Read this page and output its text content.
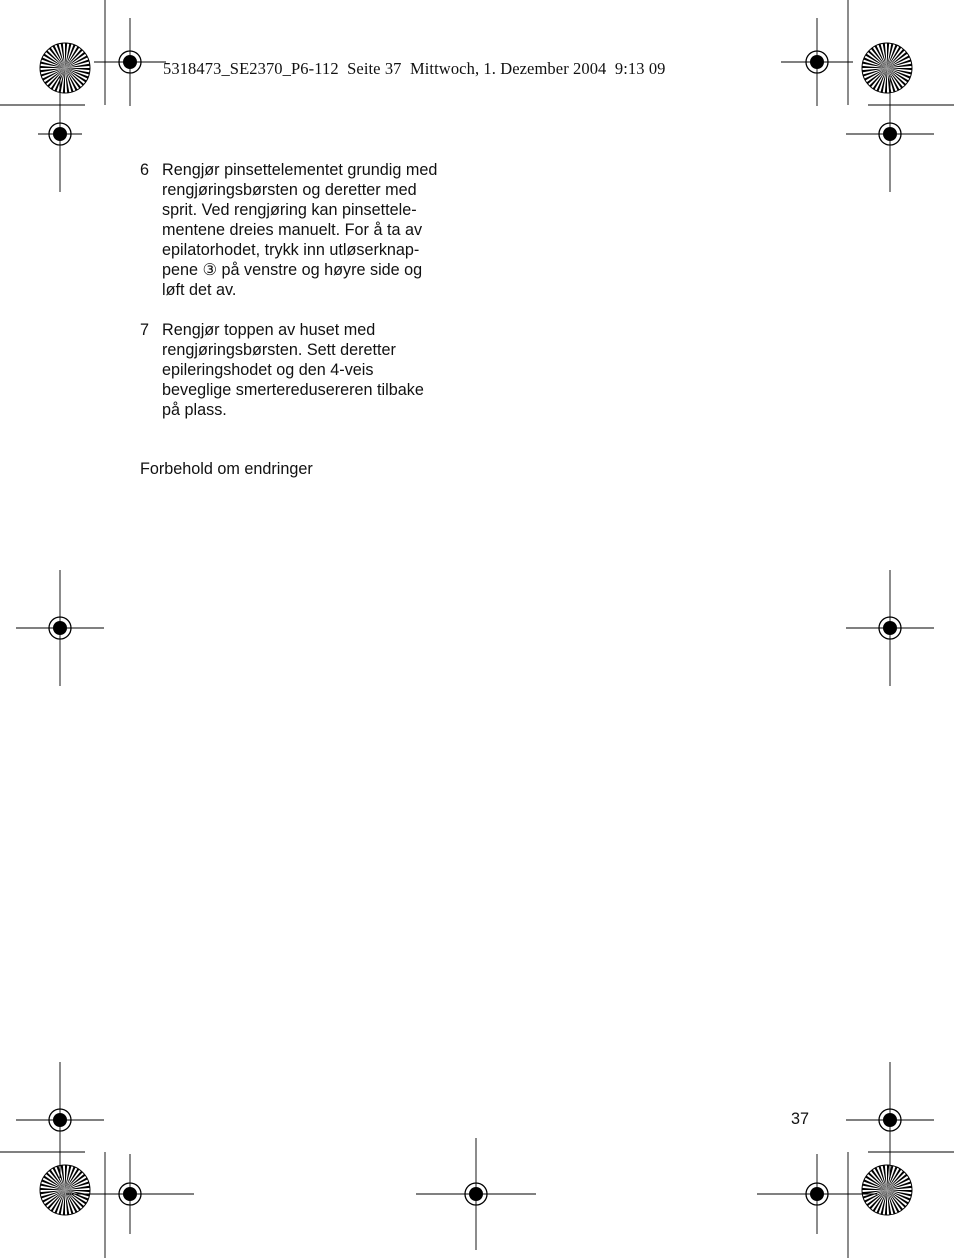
5318473_SE2370_P6-112  Seite 37  Mittwoch, 1. Dezember 2004  9:13 09
6 Rengjør pinsettelementet grundig med
rengjøringsbørsten og deretter med
sprit. Ved rengjøring kan pinsettele-
mentene dreies manuelt. For å ta av
epilatorhodet, trykk inn utløserknap-
pene ③ på venstre og høyre side og
løft det av.
7 Rengjør toppen av huset med
rengjøringsbørsten. Sett deretter
epileringshodet og den 4-veis
beveglige smerteredusereren tilbake
på plass.
Forbehold om endringer
37
